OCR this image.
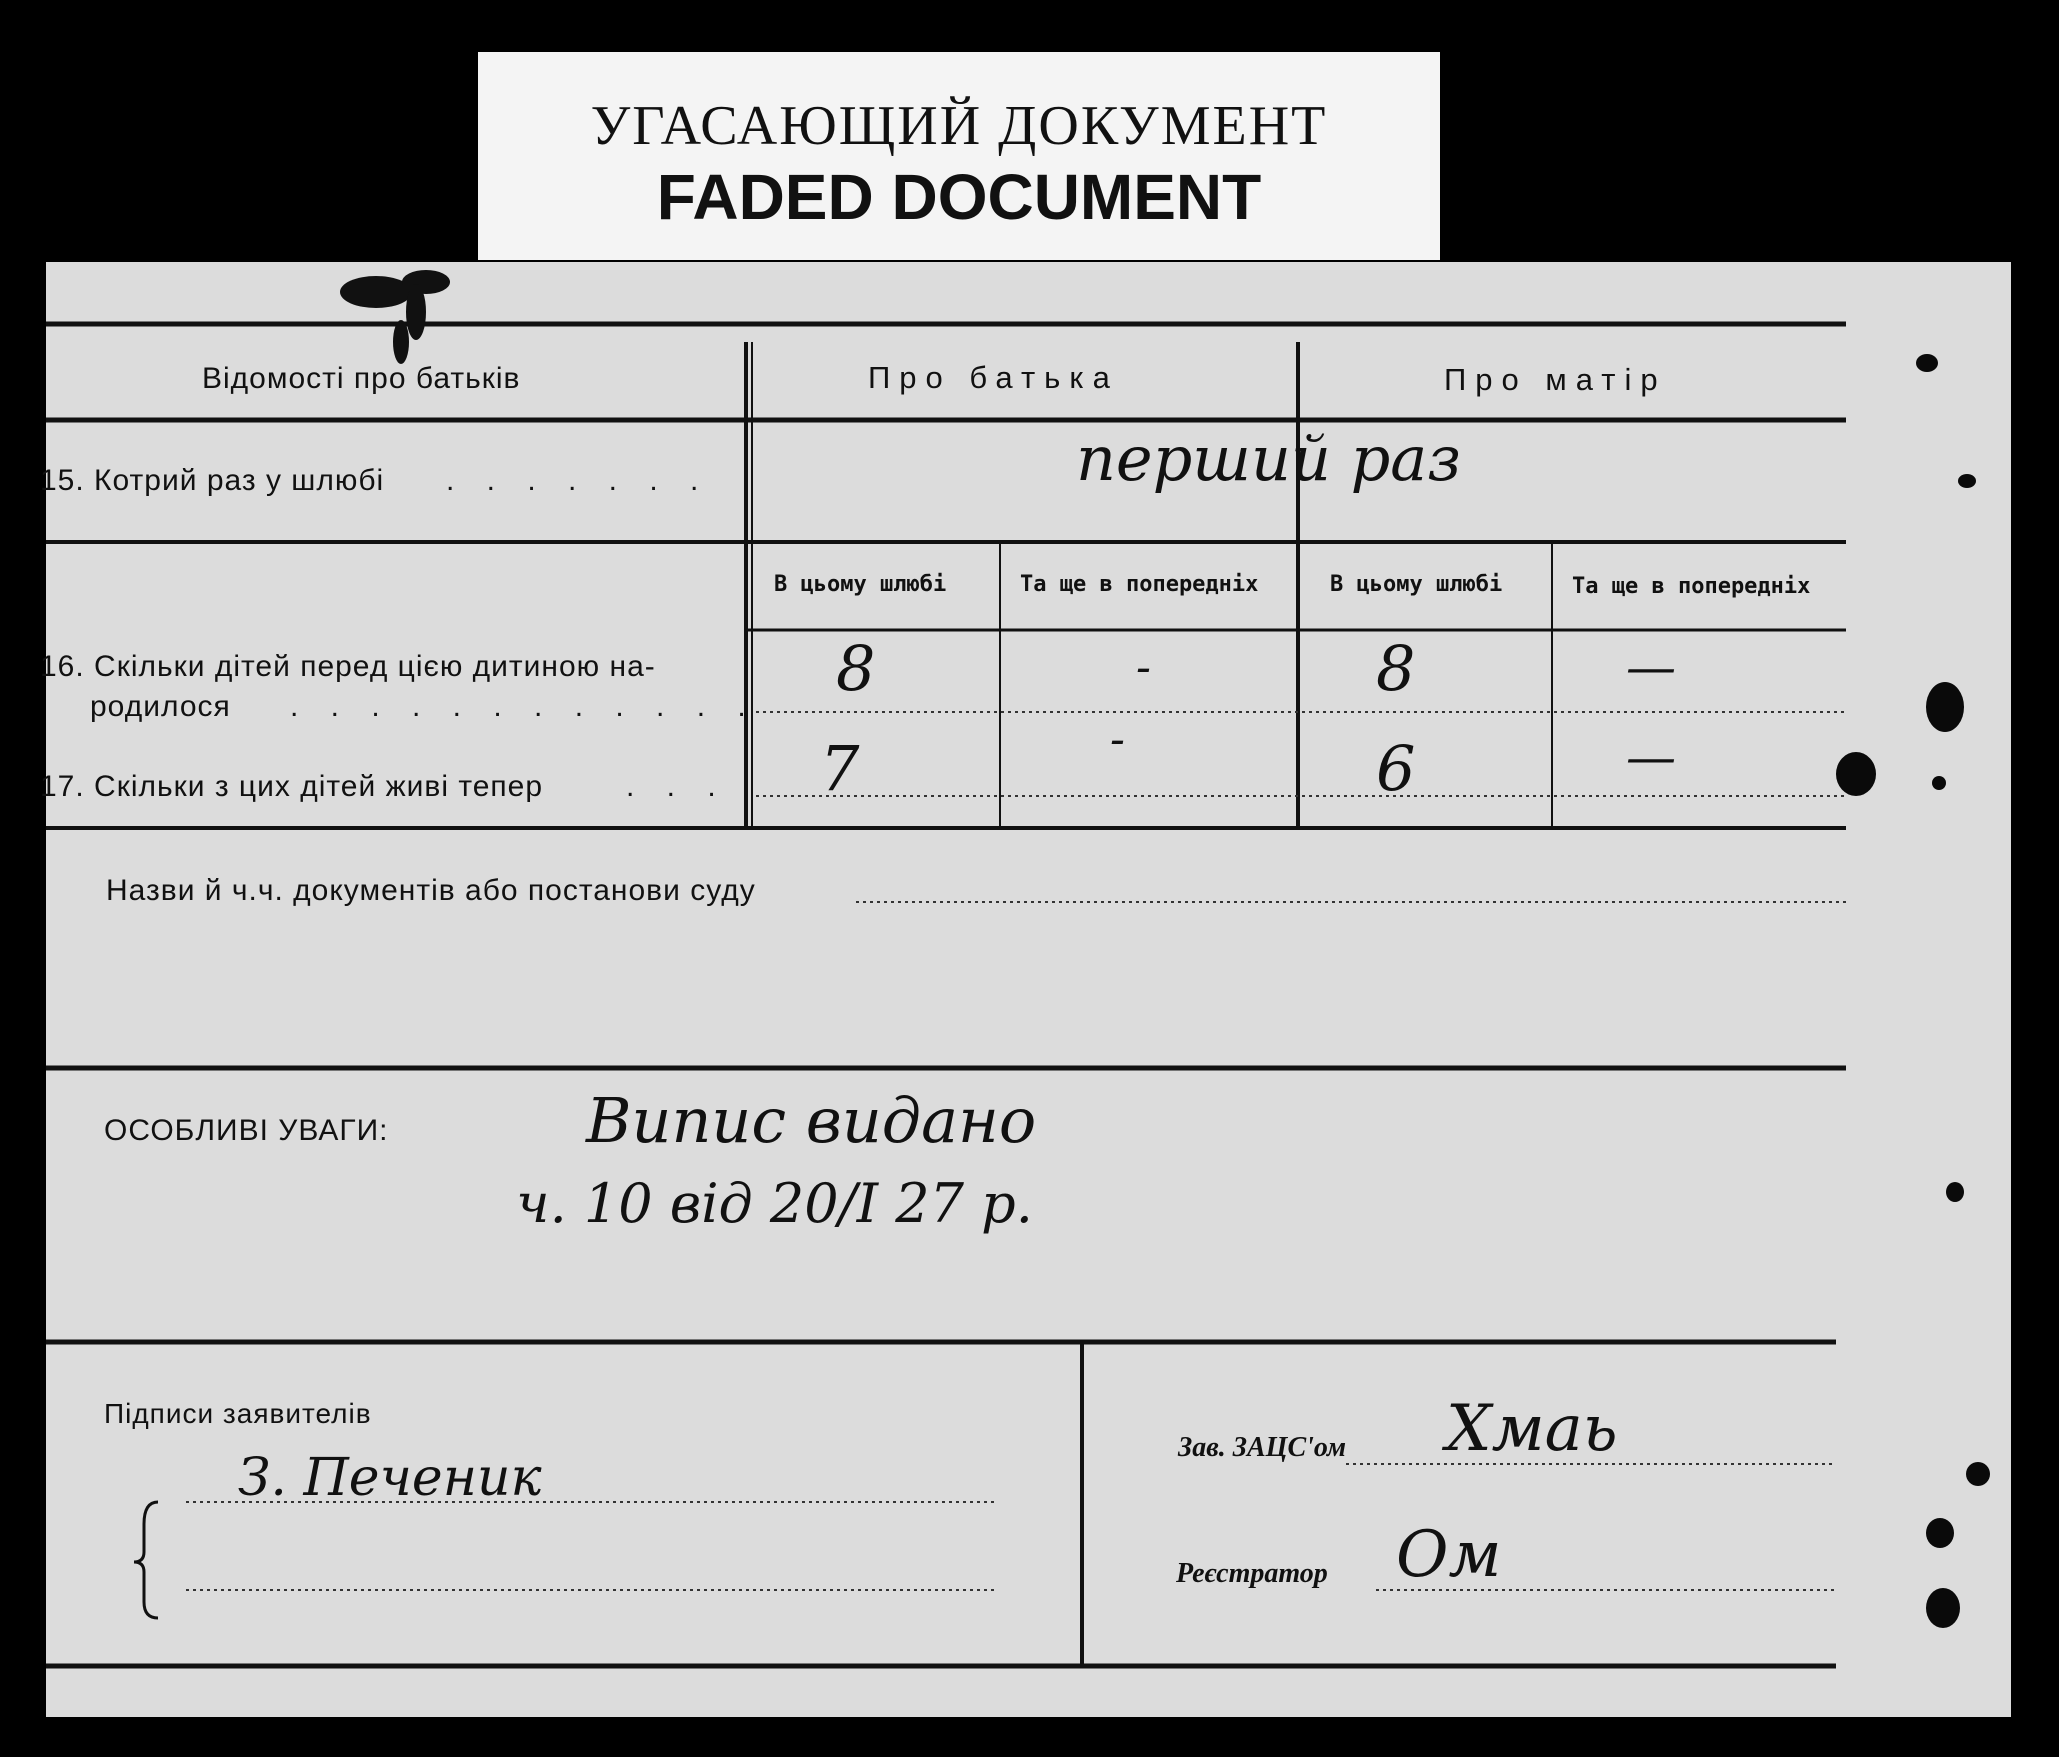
УГАСАЮЩИЙ ДОКУМЕНТ
FADED DOCUMENT
Відомості про батьків	Про батька	Про матір
15. Котрий раз у шлюбі . . . . . . .	перший раз
В цьому шлюбі	Та ще в попередніх	В цьому шлюбі	Та ще в попередніх
16. Скільки дітей перед цією дитиною на-
родилося . . . . . . . . . . . .
8	-	8	—
17. Скільки з цих дітей живі тепер	. . . 7	-	6	—
Назви й ч.ч. документів або постанови суду
ОСОБЛИВІ УВАГИ:	Випис видано
ч. 10 від 20/I 27 р.
Підписи заявителів
З. Печеник
Зав. ЗАЦС'ом Хмаь
Реєстратор Ом
